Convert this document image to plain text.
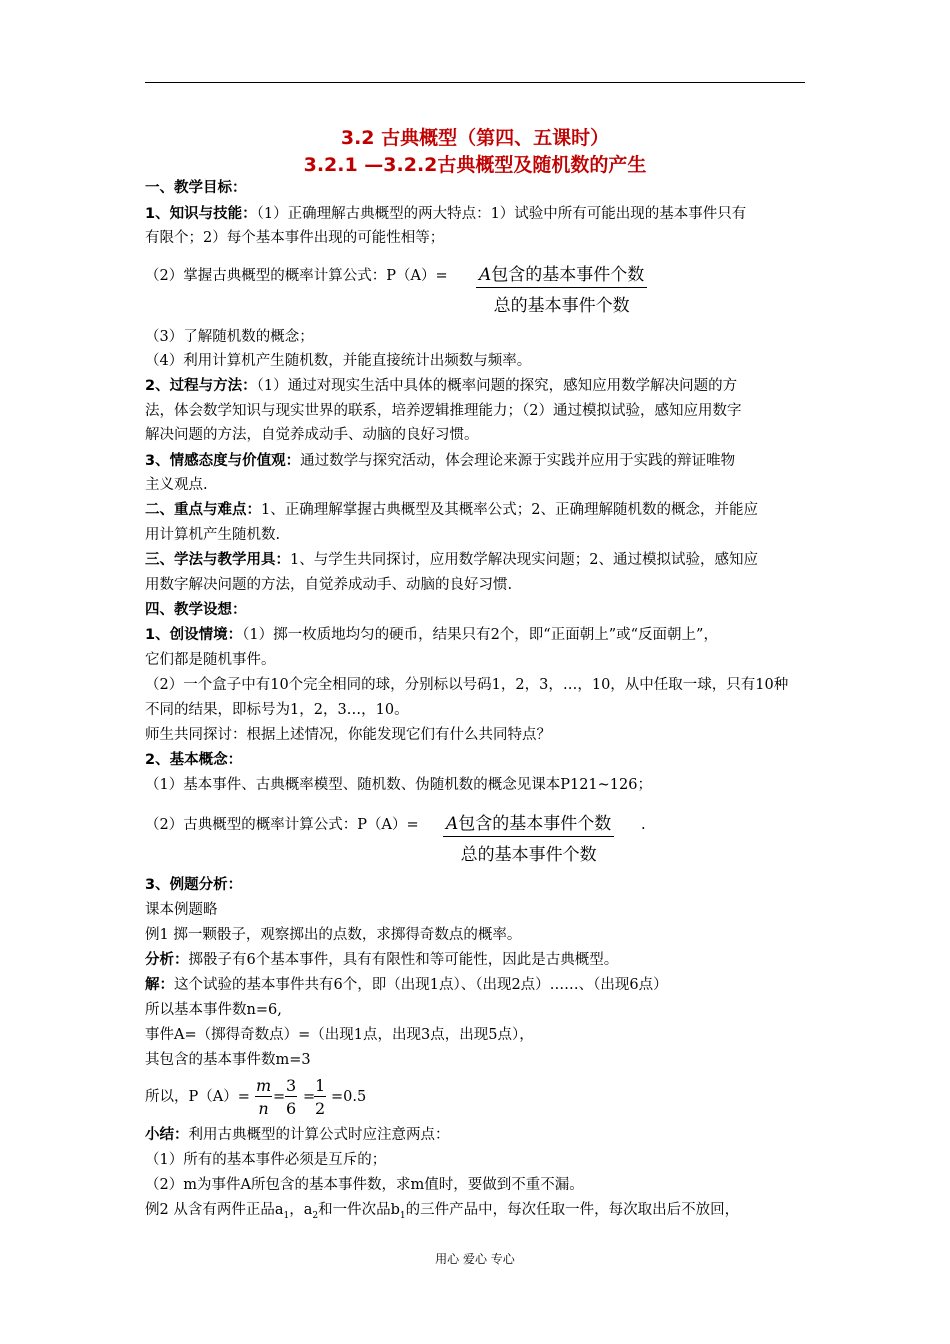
3.2 古典概型（第四、五课时）
3.2.1 —3.2.2古典概型及随机数的产生
一、教学目标：
1、知识与技能：（1）正确理解古典概型的两大特点：1）试验中所有可能出现的基本事件只有
有限个；2）每个基本事件出现的可能性相等；
（2）掌握古典概型的概率计算公式：P（A）= A包含的基本事件个数
总的基本事件个数
（3）了解随机数的概念；
（4）利用计算机产生随机数，并能直接统计出频数与频率。
2、过程与方法：（1）通过对现实生活中具体的概率问题的探究，感知应用数学解决问题的方
法，体会数学知识与现实世界的联系，培养逻辑推理能力；（2）通过模拟试验，感知应用数字
解决问题的方法，自觉养成动手、动脑的良好习惯。
3、情感态度与价值观：通过数学与探究活动，体会理论来源于实践并应用于实践的辩证唯物
主义观点.
二、重点与难点：1、正确理解掌握古典概型及其概率公式；2、正确理解随机数的概念，并能应
用计算机产生随机数.
三、学法与教学用具：1、与学生共同探讨，应用数学解决现实问题；2、通过模拟试验，感知应
用数字解决问题的方法，自觉养成动手、动脑的良好习惯.
四、教学设想：
1、创设情境：（1）掷一枚质地均匀的硬币，结果只有2个，即“正面朝上”或“反面朝上”，
它们都是随机事件。
（2）一个盒子中有10个完全相同的球，分别标以号码1，2，3，…，10，从中任取一球，只有10种
不同的结果，即标号为1，2，3…，10。
师生共同探讨：根据上述情况，你能发现它们有什么共同特点？
2、基本概念：
（1）基本事件、古典概率模型、随机数、伪随机数的概念见课本P121~126；
（2）古典概型的概率计算公式：P（A）= A包含的基本事件个数
总的基本事件个数
.
3、例题分析：
课本例题略
例1 掷一颗骰子，观察掷出的点数，求掷得奇数点的概率。
分析：掷骰子有6个基本事件，具有有限性和等可能性，因此是古典概型。
解：这个试验的基本事件共有6个，即（出现1点）、（出现2点）……、（出现6点）
所以基本事件数n=6,
事件A=（掷得奇数点）=（出现1点，出现3点，出现5点），
其包含的基本事件数m=3
所以，P（A）=
m
n
=
3
6
=
1
2
=0.5
小结：利用古典概型的计算公式时应注意两点：
（1）所有的基本事件必须是互斥的；
（2）m为事件A所包含的基本事件数，求m值时，要做到不重不漏。
例2 从含有两件正品$a_1$，$a_2$和一件次品$b_1$的三件产品中，每次任取一件，每次取出后不放回，
用心 爱心 专心
